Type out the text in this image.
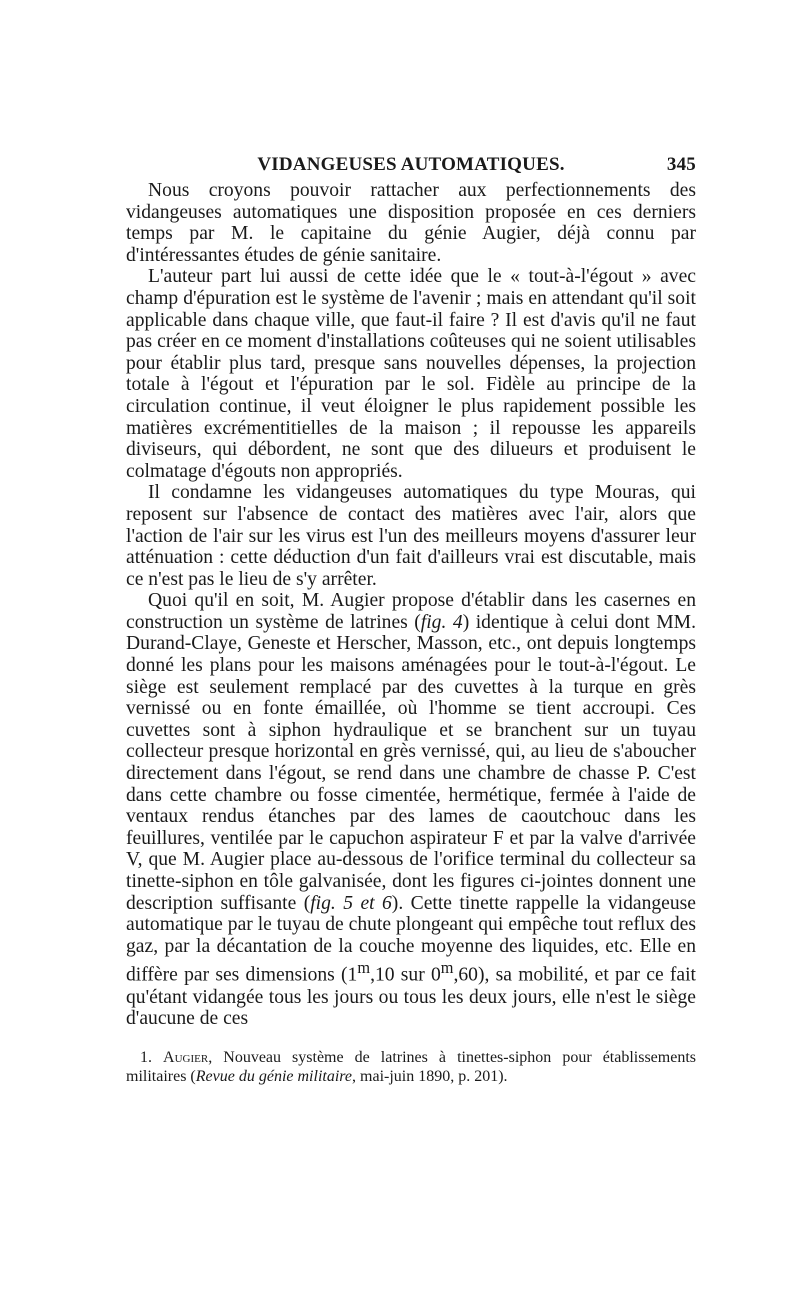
VIDANGEUSES AUTOMATIQUES.	345

Nous croyons pouvoir rattacher aux perfectionnements des vidangeuses automatiques une disposition proposée en ces derniers temps par M. le capitaine du génie Augier, déjà connu par d'intéressantes études de génie sanitaire.

L'auteur part lui aussi de cette idée que le « tout-à-l'égout » avec champ d'épuration est le système de l'avenir ; mais en attendant qu'il soit applicable dans chaque ville, que faut-il faire ? Il est d'avis qu'il ne faut pas créer en ce moment d'installations coûteuses qui ne soient utilisables pour établir plus tard, presque sans nouvelles dépenses, la projection totale à l'égout et l'épuration par le sol. Fidèle au principe de la circulation continue, il veut éloigner le plus rapidement possible les matières excrémentitielles de la maison ; il repousse les appareils diviseurs, qui débordent, ne sont que des dilueurs et produisent le colmatage d'égouts non appropriés.

Il condamne les vidangeuses automatiques du type Mouras, qui reposent sur l'absence de contact des matières avec l'air, alors que l'action de l'air sur les virus est l'un des meilleurs moyens d'assurer leur atténuation : cette déduction d'un fait d'ailleurs vrai est discutable, mais ce n'est pas le lieu de s'y arrêter.

Quoi qu'il en soit, M. Augier propose d'établir dans les casernes en construction un système de latrines (fig. 4) identique à celui dont MM. Durand-Claye, Geneste et Herscher, Masson, etc., ont depuis longtemps donné les plans pour les maisons aménagées pour le tout-à-l'égout. Le siège est seulement remplacé par des cuvettes à la turque en grès vernissé ou en fonte émaillée, où l'homme se tient accroupi. Ces cuvettes sont à siphon hydraulique et se branchent sur un tuyau collecteur presque horizontal en grès vernissé, qui, au lieu de s'aboucher directement dans l'égout, se rend dans une chambre de chasse P. C'est dans cette chambre ou fosse cimentée, hermétique, fermée à l'aide de ventaux rendus étanches par des lames de caoutchouc dans les feuillures, ventilée par le capuchon aspirateur F et par la valve d'arrivée V, que M. Augier place au-dessous de l'orifice terminal du collecteur sa tinette-siphon en tôle galvanisée, dont les figures ci-jointes donnent une description suffisante (fig. 5 et 6). Cette tinette rappelle la vidangeuse automatique par le tuyau de chute plongeant qui empêche tout reflux des gaz, par la décantation de la couche moyenne des liquides, etc. Elle en diffère par ses dimensions (1$^m$,10 sur 0$^m$,60), sa mobilité, et par ce fait qu'étant vidangée tous les jours ou tous les deux jours, elle n'est le siège d'aucune de ces

1. Augier, Nouveau système de latrines à tinettes-siphon pour établissements militaires (Revue du génie militaire, mai-juin 1890, p. 201).
